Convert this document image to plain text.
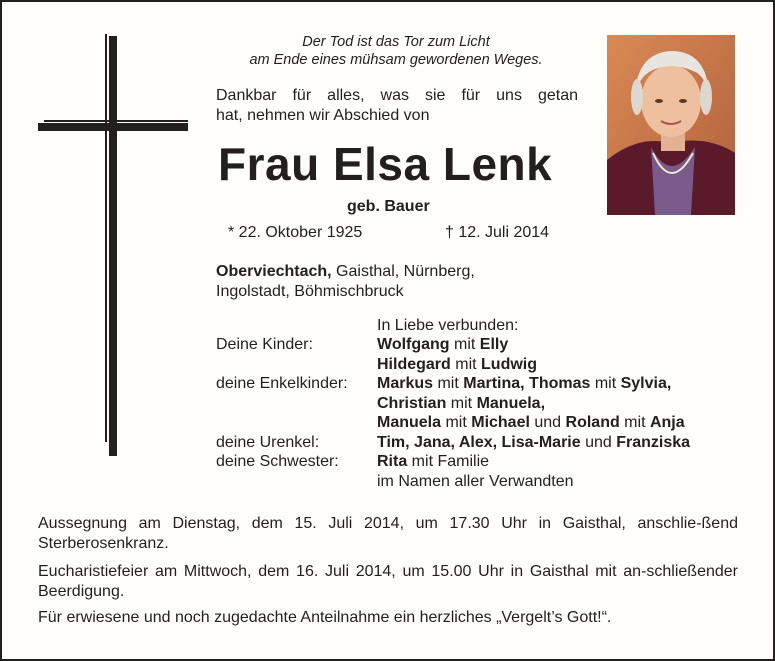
Der Tod ist das Tor zum Licht
am Ende eines mühsam gewordenen Weges.
Dankbar für alles, was sie für uns getan
hat, nehmen wir Abschied von
Frau Elsa Lenk
geb. Bauer
* 22. Oktober 1925	† 12. Juli 2014
Oberviechtach, Gaisthal, Nürnberg,
Ingolstadt, Böhmischbruck
In Liebe verbunden:
Deine Kinder:	Wolfgang mit Elly
Hildegard mit Ludwig
deine Enkelkinder: Markus mit Martina, Thomas mit Sylvia,
Christian mit Manuela,
Manuela mit Michael und Roland mit Anja
deine Urenkel:	Tim, Jana, Alex, Lisa-Marie und Franziska
deine Schwester: Rita mit Familie
im Namen aller Verwandten
Aussegnung am Dienstag, dem 15. Juli 2014, um 17.30 Uhr in Gaisthal, anschlie-ßend Sterberosenkranz.
Eucharistiefeier am Mittwoch, dem 16. Juli 2014, um 15.00 Uhr in Gaisthal mit an-schließender Beerdigung.
Für erwiesene und noch zugedachte Anteilnahme ein herzliches „Vergelt’s Gott!“.
